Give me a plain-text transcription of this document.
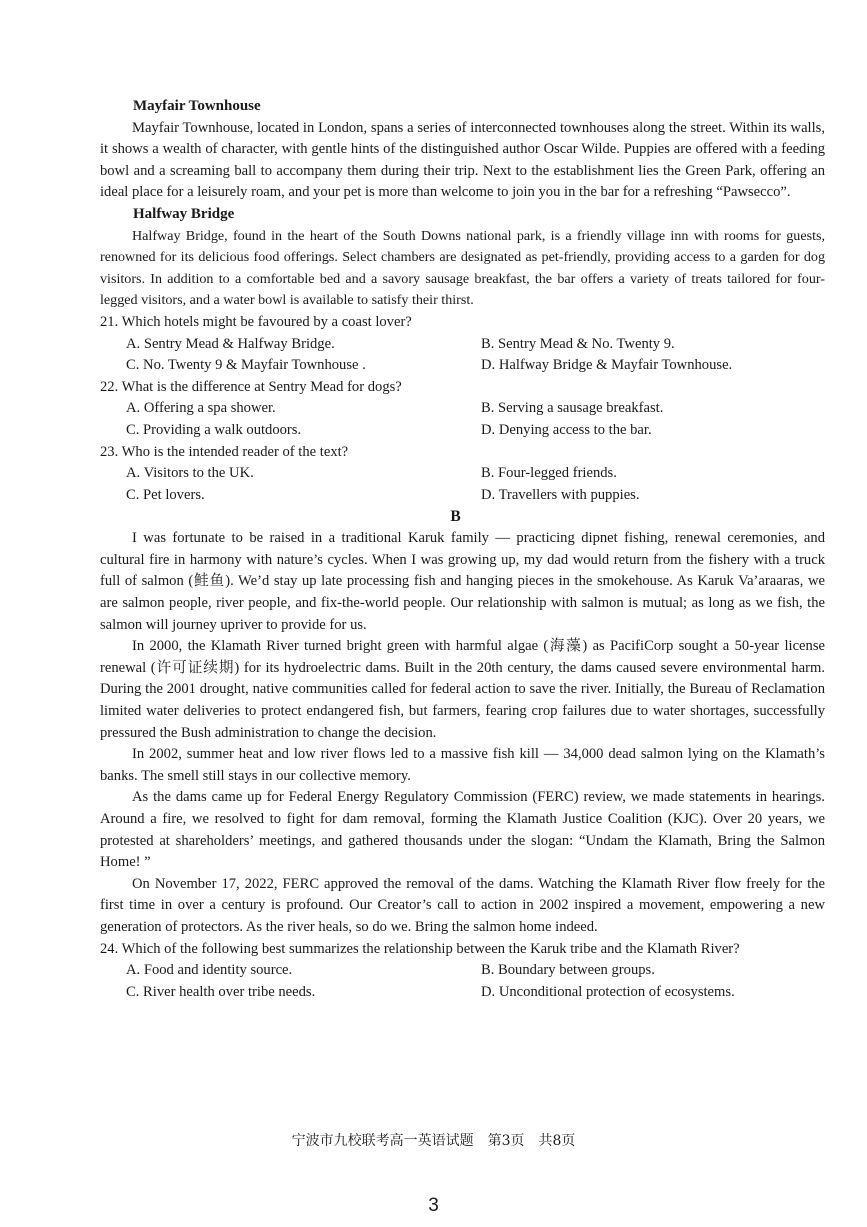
Mayfair Townhouse

Mayfair Townhouse, located in London, spans a series of interconnected townhouses along the street. Within its walls, it shows a wealth of character, with gentle hints of the distinguished author Oscar Wilde. Puppies are offered with a feeding bowl and a screaming ball to accompany them during their trip. Next to the establishment lies the Green Park, offering an ideal place for a leisurely roam, and your pet is more than welcome to join you in the bar for a refreshing “Pawsecco”.

Halfway Bridge

Halfway Bridge, found in the heart of the South Downs national park, is a friendly village inn with rooms for guests, renowned for its delicious food offerings. Select chambers are designated as pet-friendly, providing access to a garden for dog visitors. In addition to a comfortable bed and a savory sausage breakfast, the bar offers a variety of treats tailored for four-legged visitors, and a water bowl is available to satisfy their thirst.

21. Which hotels might be favoured by a coast lover?

A. Sentry Mead & Halfway Bridge.	B. Sentry Mead & No. Twenty 9.
C. No. Twenty 9 & Mayfair Townhouse .	D. Halfway Bridge & Mayfair Townhouse.

22. What is the difference at Sentry Mead for dogs?

A. Offering a spa shower.	B. Serving a sausage breakfast.
C. Providing a walk outdoors.	D. Denying access to the bar.

23. Who is the intended reader of the text?

A. Visitors to the UK.	B. Four-legged friends.
C. Pet lovers.	D. Travellers with puppies.
B

I was fortunate to be raised in a traditional Karuk family — practicing dipnet fishing, renewal ceremonies, and cultural fire in harmony with nature’s cycles. When I was growing up, my dad would return from the fishery with a truck full of salmon (鲑鱼). We’d stay up late processing fish and hanging pieces in the smokehouse. As Karuk Va’araaras, we are salmon people, river people, and fix-the-world people. Our relationship with salmon is mutual; as long as we fish, the salmon will journey upriver to provide for us.

In 2000, the Klamath River turned bright green with harmful algae (海藻) as PacifiCorp sought a 50-year license renewal (许可证续期) for its hydroelectric dams. Built in the 20th century, the dams caused severe environmental harm. During the 2001 drought, native communities called for federal action to save the river. Initially, the Bureau of Reclamation limited water deliveries to protect endangered fish, but farmers, fearing crop failures due to water shortages, successfully pressured the Bush administration to change the decision.

In 2002, summer heat and low river flows led to a massive fish kill — 34,000 dead salmon lying on the Klamath’s banks. The smell still stays in our collective memory.

As the dams came up for Federal Energy Regulatory Commission (FERC) review, we made statements in hearings. Around a fire, we resolved to fight for dam removal, forming the Klamath Justice Coalition (KJC). Over 20 years, we protested at shareholders’ meetings, and gathered thousands under the slogan: “Undam the Klamath, Bring the Salmon Home! ”

On November 17, 2022, FERC approved the removal of the dams. Watching the Klamath River flow freely for the first time in over a century is profound. Our Creator’s call to action in 2002 inspired a movement, empowering a new generation of protectors. As the river heals, so do we. Bring the salmon home indeed.

24. Which of the following best summarizes the relationship between the Karuk tribe and the Klamath River?

A. Food and identity source.	B. Boundary between groups.
C. River health over tribe needs.	D. Unconditional protection of ecosystems.
宁波市九校联考高一英语试题　第3页　共8页
3
